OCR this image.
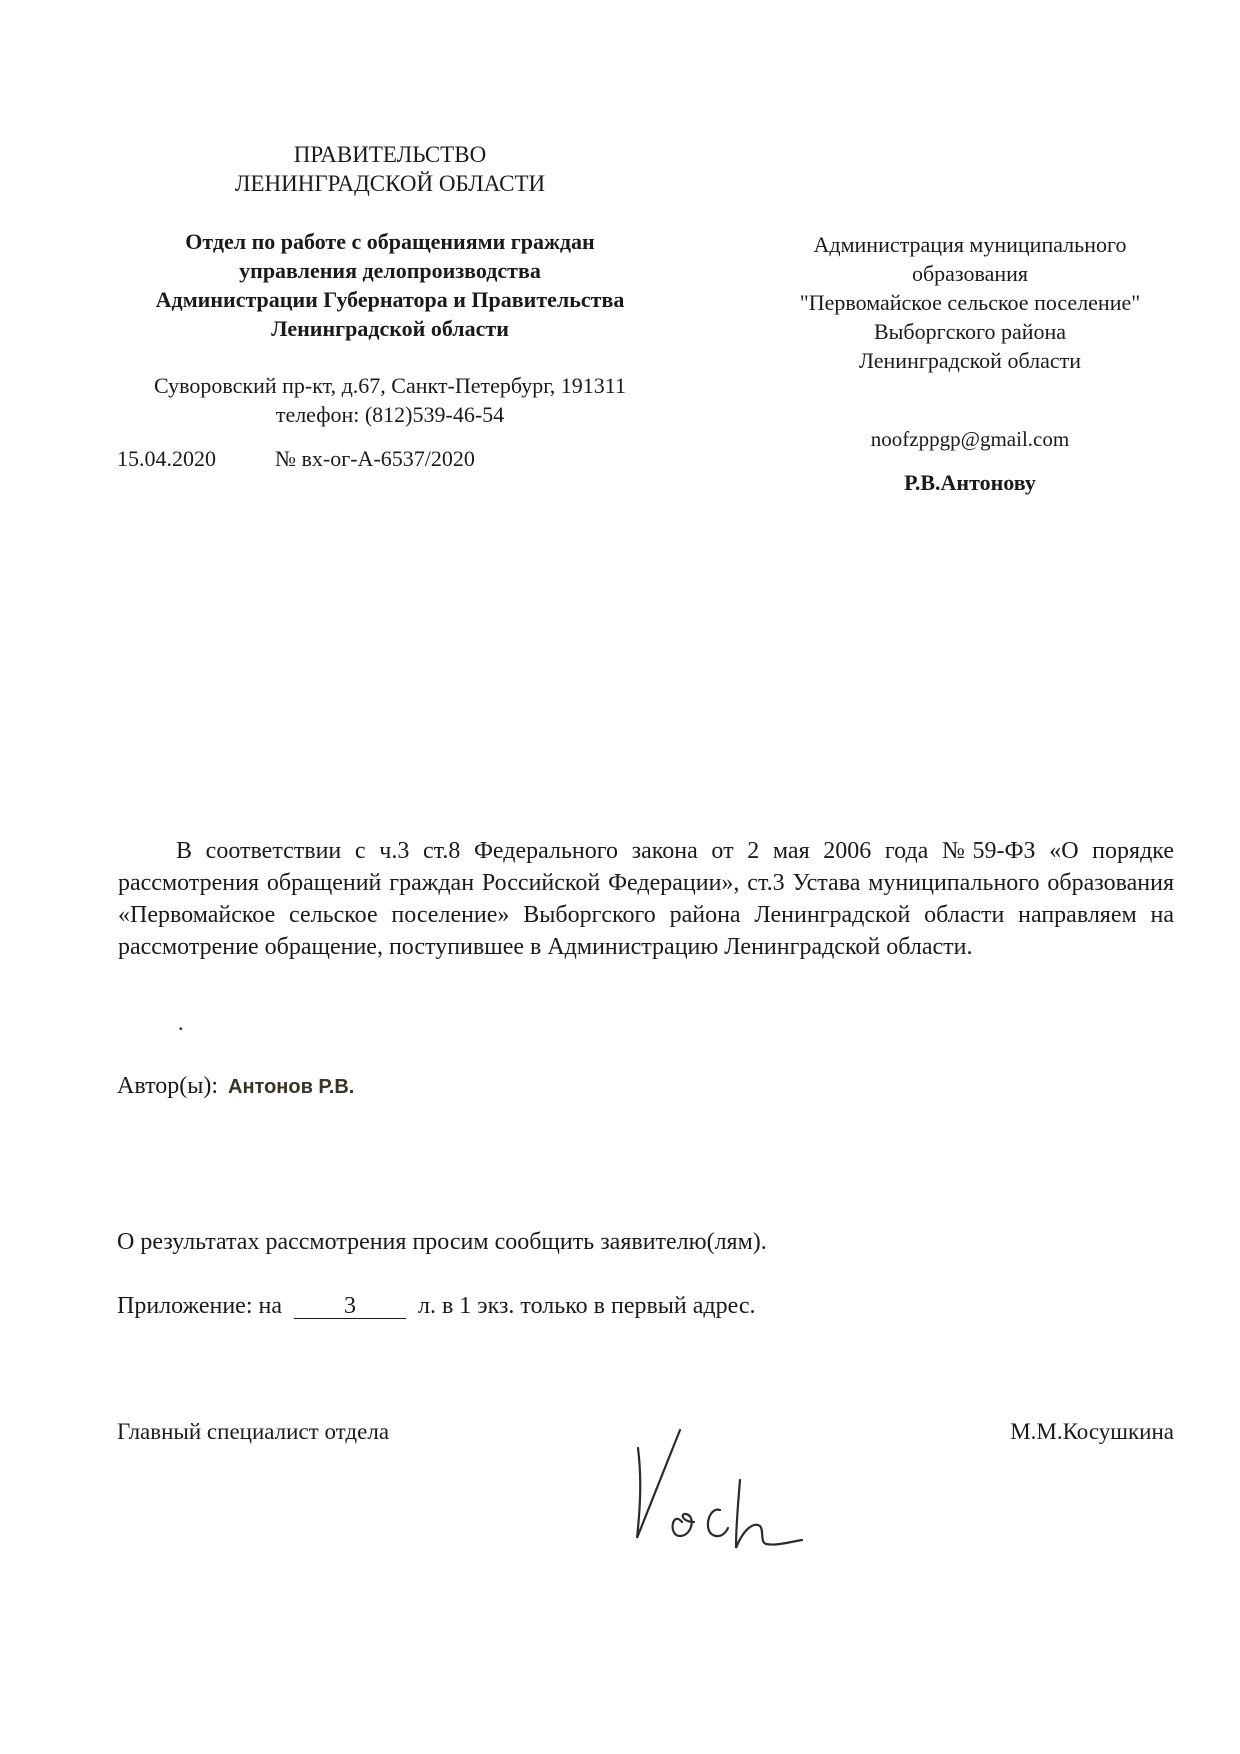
ПРАВИТЕЛЬСТВО
ЛЕНИНГРАДСКОЙ ОБЛАСТИ
Отдел по работе с обращениями граждан
управления делопроизводства
Администрации Губернатора и Правительства
Ленинградской области
Суворовский пр-кт, д.67, Санкт-Петербург, 191311
телефон: (812)539-46-54
15.04.2020	№ вх-ог-А-6537/2020
Администрация муниципального
образования
"Первомайское сельское поселение"
Выборгского района
Ленинградской области
noofzppgp@gmail.com
Р.В.Антонову
В соответствии с ч.3 ст.8 Федерального закона от 2 мая 2006 года №59-ФЗ «О порядке рассмотрения обращений граждан Российской Федерации», ст.3 Устава муниципального образования «Первомайское сельское поселение» Выборгского района Ленинградской области направляем на рассмотрение обращение, поступившее в Администрацию Ленинградской области.
.
Автор(ы): Антонов Р.В.
О результатах рассмотрения просим сообщить заявителю(лям).
Приложение: на	3	л. в 1 экз. только в первый адрес.
Главный специалист отдела	М.М.Косушкина
